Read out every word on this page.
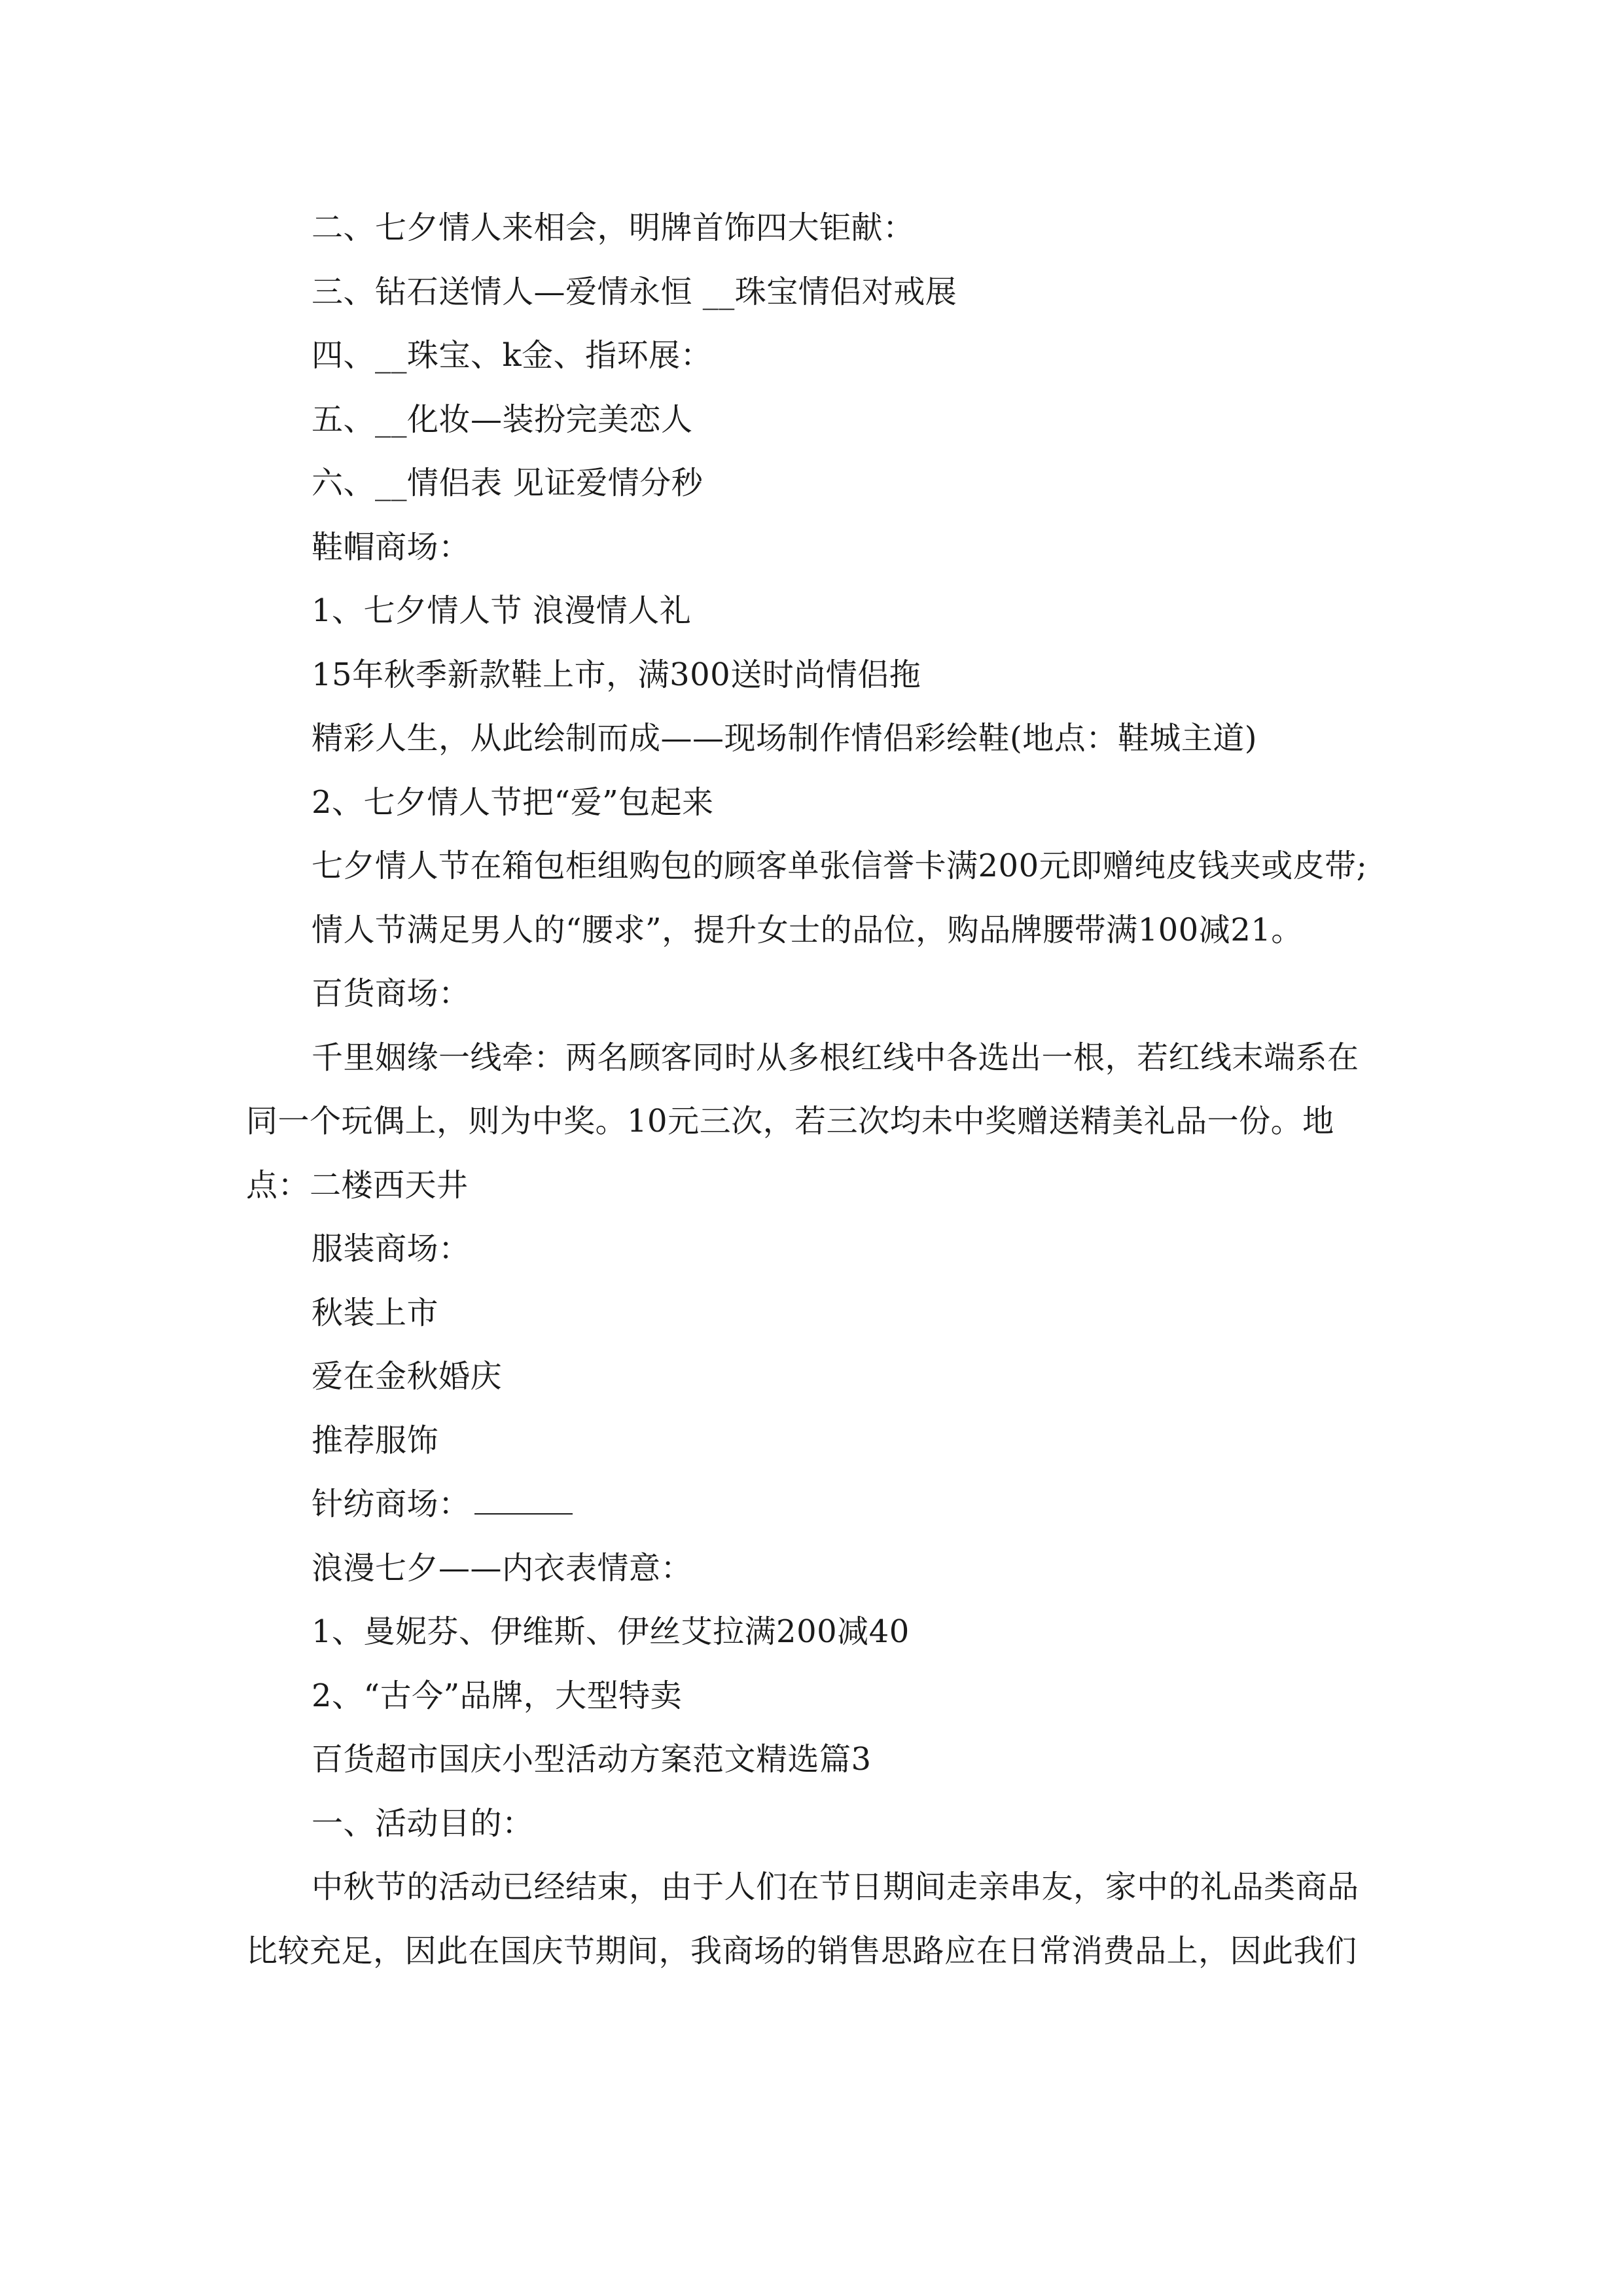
二、七夕情人来相会，明牌首饰四大钜献：

三、钻石送情人—爱情永恒 __珠宝情侣对戒展

四、__珠宝、k金、指环展：

五、__化妆—装扮完美恋人

六、__情侣表 见证爱情分秒

鞋帽商场：

1、七夕情人节 浪漫情人礼

15年秋季新款鞋上市，满300送时尚情侣拖

精彩人生，从此绘制而成——现场制作情侣彩绘鞋(地点：鞋城主道)

2、七夕情人节把“爱”包起来

七夕情人节在箱包柜组购包的顾客单张信誉卡满200元即赠纯皮钱夹或皮带;

情人节满足男人的“腰求”，提升女士的品位，购品牌腰带满100减21。

百货商场：

千里姻缘一线牵：两名顾客同时从多根红线中各选出一根，若红线末端系在同一个玩偶上，则为中奖。10元三次，若三次均未中奖赠送精美礼品一份。地点：二楼西天井

服装商场：

秋装上市

爱在金秋婚庆

推荐服饰

针纺商场：

浪漫七夕——内衣表情意：

1、曼妮芬、伊维斯、伊丝艾拉满200减40

2、“古今”品牌，大型特卖

百货超市国庆小型活动方案范文精选篇3

一、活动目的：

中秋节的活动已经结束，由于人们在节日期间走亲串友，家中的礼品类商品比较充足，因此在国庆节期间，我商场的销售思路应在日常消费品上，因此我们
